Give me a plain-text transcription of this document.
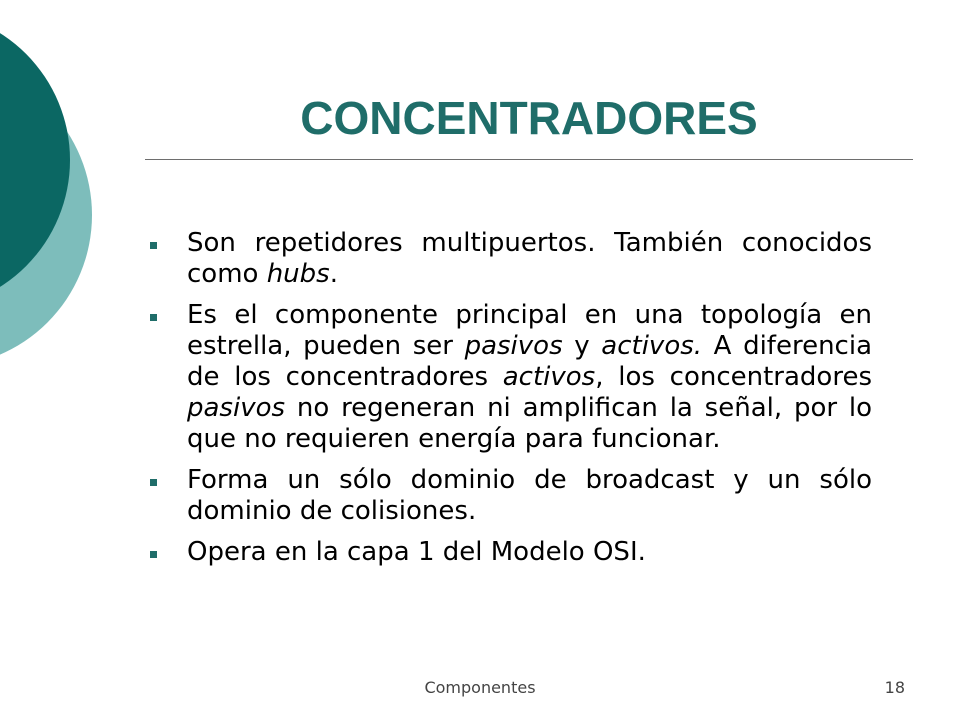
CONCENTRADORES
Son repetidores multipuertos. También conocidos como hubs.
Es el componente principal en una topología en estrella, pueden ser pasivos y activos. A diferencia de los concentradores activos, los concentradores pasivos no regeneran ni amplifican la señal, por lo que no requieren energía para funcionar.
Forma un sólo dominio de broadcast y un sólo dominio de colisiones.
Opera en la capa 1 del Modelo OSI.
Componentes	18
